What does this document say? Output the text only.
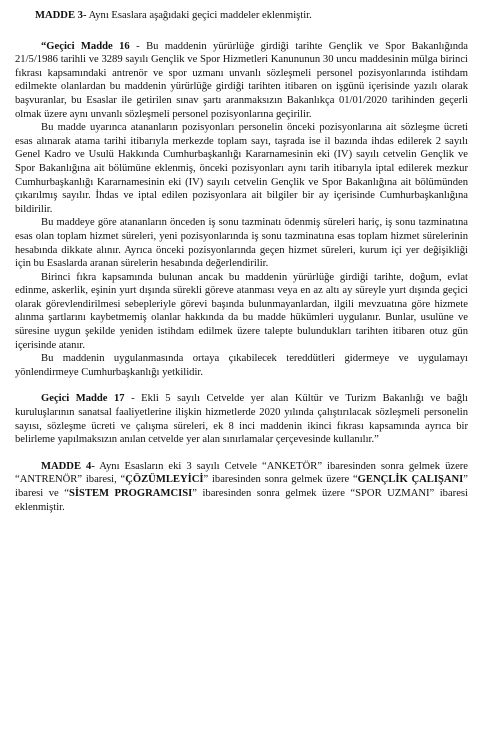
MADDE 3- Aynı Esaslara aşağıdaki geçici maddeler eklenmiştir.

“Geçici Madde 16 - Bu maddenin yürürlüğe girdiği tarihte Gençlik ve Spor Bakanlığında 21/5/1986 tarihli ve 3289 sayılı Gençlik ve Spor Hizmetleri Kanununun 30 uncu maddesinin mülga birinci fıkrası kapsamındaki antrenör ve spor uzmanı unvanlı sözleşmeli personel pozisyonlarında istihdam edilmekte olanlardan bu maddenin yürürlüğe girdiği tarihten itibaren on işgünü içerisinde yazılı olarak başvuranlar, bu Esaslar ile getirilen sınav şartı aranmaksızın Bakanlıkça 01/01/2020 tarihinden geçerli olmak üzere aynı unvanlı sözleşmeli personel pozisyonlarına geçirilir.

Bu madde uyarınca atananların pozisyonları personelin önceki pozisyonlarına ait sözleşme ücreti esas alınarak atama tarihi itibarıyla merkezde toplam sayı, taşrada ise il bazında ihdas edilerek 2 sayılı Genel Kadro ve Usulü Hakkında Cumhurbaşkanlığı Kararnamesinin eki (IV) sayılı cetvelin Gençlik ve Spor Bakanlığına ait bölümüne eklenmiş, önceki pozisyonları aynı tarih itibarıyla iptal edilerek mezkur Cumhurbaşkanlığı Kararnamesinin eki (IV) sayılı cetvelin Gençlik ve Spor Bakanlığına ait bölümünden çıkarılmış sayılır. İhdas ve iptal edilen pozisyonlara ait bilgiler bir ay içerisinde Cumhurbaşkanlığına bildirilir.

Bu maddeye göre atananların önceden iş sonu tazminatı ödenmiş süreleri hariç, iş sonu tazminatına esas olan toplam hizmet süreleri, yeni pozisyonlarında iş sonu tazminatına esas toplam hizmet sürelerinin hesabında dikkate alınır. Ayrıca önceki pozisyonlarında geçen hizmet süreleri, kurum içi yer değişikliği için bu Esaslarda aranan sürelerin hesabında değerlendirilir.

Birinci fıkra kapsamında bulunan ancak bu maddenin yürürlüğe girdiği tarihte, doğum, evlat edinme, askerlik, eşinin yurt dışında sürekli göreve atanması veya en az altı ay süreyle yurt dışında geçici olarak görevlendirilmesi sebepleriyle görevi başında bulunmayanlardan, ilgili mevzuatına göre hizmete alınma şartlarını kaybetmemiş olanlar hakkında da bu madde hükümleri uygulanır. Bunlar, usulüne ve süresine uygun şekilde yeniden istihdam edilmek üzere talepte bulundukları tarihten itibaren otuz gün içerisinde atanır.

Bu maddenin uygulanmasında ortaya çıkabilecek tereddütleri gidermeye ve uygulamayı yönlendirmeye Cumhurbaşkanlığı yetkilidir.

Geçici Madde 17 - Ekli 5 sayılı Cetvelde yer alan Kültür ve Turizm Bakanlığı ve bağlı kuruluşlarının sanatsal faaliyetlerine ilişkin hizmetlerde 2020 yılında çalıştırılacak sözleşmeli personelin sayısı, sözleşme ücreti ve çalışma süreleri, ek 8 inci maddenin ikinci fıkrası kapsamında ayrıca bir belirleme yapılmaksızın anılan cetvelde yer alan sınırlamalar çerçevesinde kullanılır.”

MADDE 4- Aynı Esasların eki 3 sayılı Cetvele “ANKETÖR” ibaresinden sonra gelmek üzere “ANTRENÖR” ibaresi, “ÇÖZÜMLEYİCİ” ibaresinden sonra gelmek üzere “GENÇLİK ÇALIŞANI” ibaresi ve “SİSTEM PROGRAMCISI” ibaresinden sonra gelmek üzere “SPOR UZMANI” ibaresi eklenmiştir.
